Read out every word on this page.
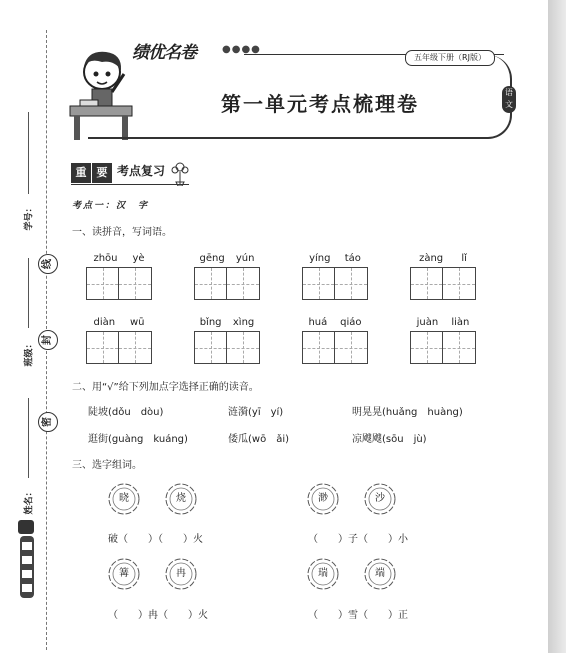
学号：
线
班级： 封
密
姓名：
绩优名卷	●●●●
五年级下册（RJ版）
第一单元考点梳理卷	语文
重 要 考点复习
考点一：汉　字
一、读拼音，写词语。
zhōu yè	gēng yún	yíng táo	zàng lǐ
diàn wū	bǐng xìng	huá qiáo	juàn liàn
二、用“√”给下列加点字选择正确的读音。
陡坡(dǒu　dòu)	涟漪(yī　yí)	明晃晃(huǎng　huàng)
逛街(guàng　kuáng)	倭瓜(wō　ǎi)	凉飕飕(sōu　jù)
三、选字组词。
晓	烧
破（　　）（　　）火
渺	沙
（　　）子（　　）小
篝	冉
（　　）冉（　　）火
瑞	端
（　　）雪（　　）正
